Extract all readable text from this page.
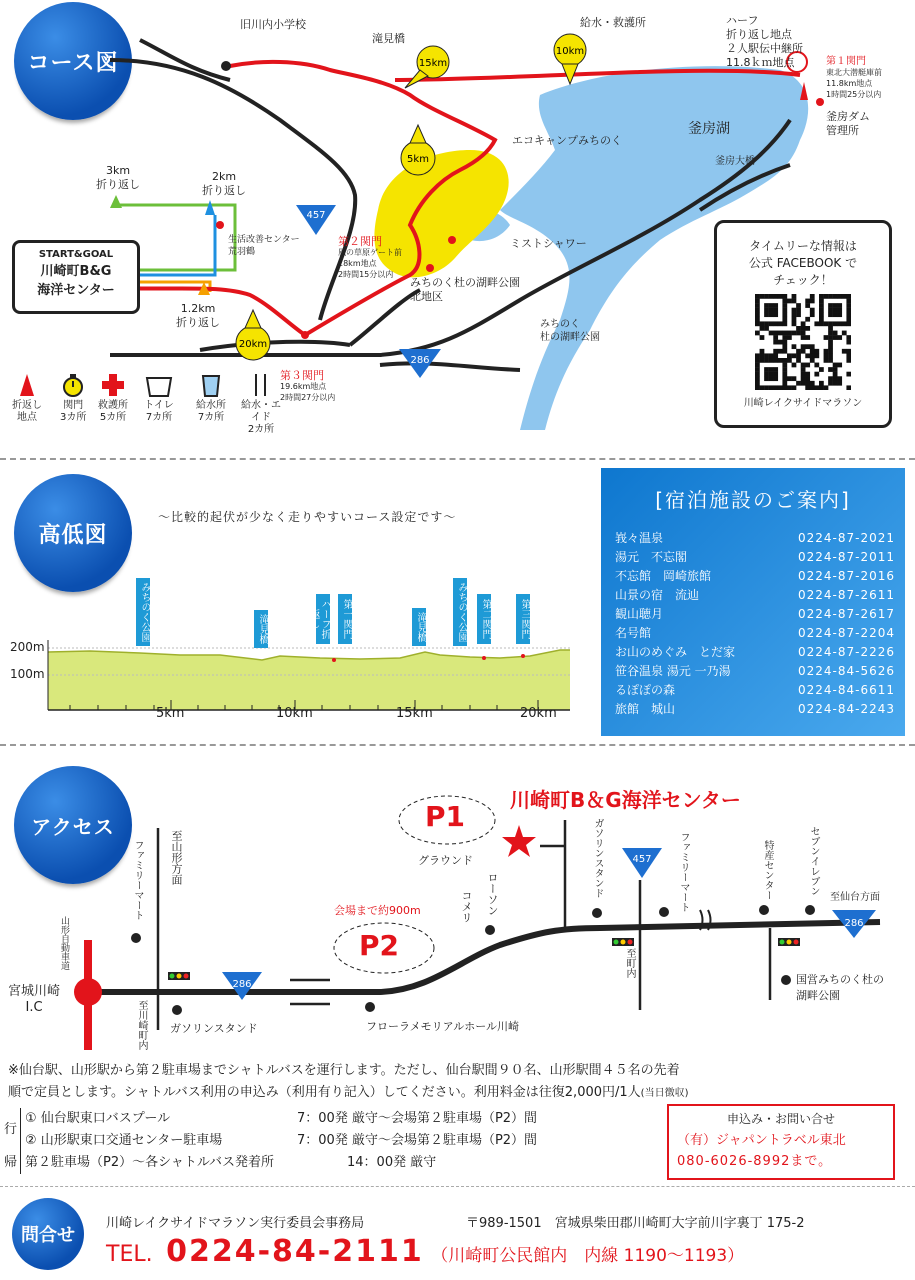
コース図
457
286
5km
10km
15km
20km
旧川内小学校
滝見橋
給水・救護所	ハーフ
折り返し地点
２人駅伝中継所
11.8ｋｍ地点	第１関門
東北大潜艇庫前
11.8km地点
1時間25分以内
釜房湖
釜房ダム
管理所
エコキャンプみちのく
釜房大橋
3km
折り返し
2km
折り返し
生活改善センター
荒羽鶴
START&GOAL
川崎町B&G
海洋センター
1.2km
折り返し
第２関門
風の草原ゲート前
18km地点
2時間15分以内
ミストシャワー
みちのく杜の湖畔公園
北地区
みちのく
杜の湖畔公園
第３関門
19.6km地点
2時間27分以内
折返し
地点
関門
3カ所
救護所
5カ所
トイレ
7カ所
給水所
7カ所
給水・エイド
2カ所
タイムリーな情報は
公式 FACEBOOK で
チェック！
川崎レイクサイドマラソン
高低図
～比較的起伏が少なく走りやすいコース設定です～
200m
100m
5km	10km	15km	20km
みちのく公園	滝見橋	ハーフ折返し	第一関門	滝見橋	みちのく公園	第二関門	第三関門
[宿泊施設のご案内]
峩々温泉	0224-87-2021
湯元　不忘閣	0224-87-2011
不忘館　岡崎旅館	0224-87-2016
山景の宿　流辿	0224-87-2611
観山聴月	0224-87-2617
名号館	0224-87-2204
お山のめぐみ　とだ家	0224-87-2226
笹谷温泉 湯元 一乃湯	0224-84-5626
るぽぽの森	0224-84-6611
旅館　城山	0224-84-2243
アクセス
286
286
457
川崎町B＆G海洋センター
P1
P2
会場まで約900m
グラウンド
至山形方面
ファミリーマート
山形自動車道
宮城川崎
I.C	至川崎町内 ガソリンスタンド
コメリ ローソン	ガソリンスタンド	ファミリーマート
至町内
特産センター	セブンイレブン
至仙台方面
国営みちのく杜の
湖畔公園
フローラメモリアルホール川崎
※仙台駅、山形駅から第２駐車場までシャトルバスを運行します。ただし、仙台駅間９０名、山形駅間４５名の先着
順で定員とします。シャトルバス利用の申込み（利用有り記入）してください。利用料金は往復2,000円/1人(当日徴収)
行
① 仙台駅東口バスプール	7：00発 厳守～会場第２駐車場（P2）間
② 山形駅東口交通センター駐車場	7：00発 厳守～会場第２駐車場（P2）間
帰 第２駐車場（P2）～各シャトルバス発着所	14：00発 厳守
申込み・お問い合せ
（有）ジャパントラベル東北
080-6026-8992まで。
問合せ
川崎レイクサイドマラソン実行委員会事務局	〒989-1501　宮城県柴田郡川崎町大字前川字裏丁 175-2
TEL. 0224-84-2111 （川崎町公民館内　内線 1190～1193）
